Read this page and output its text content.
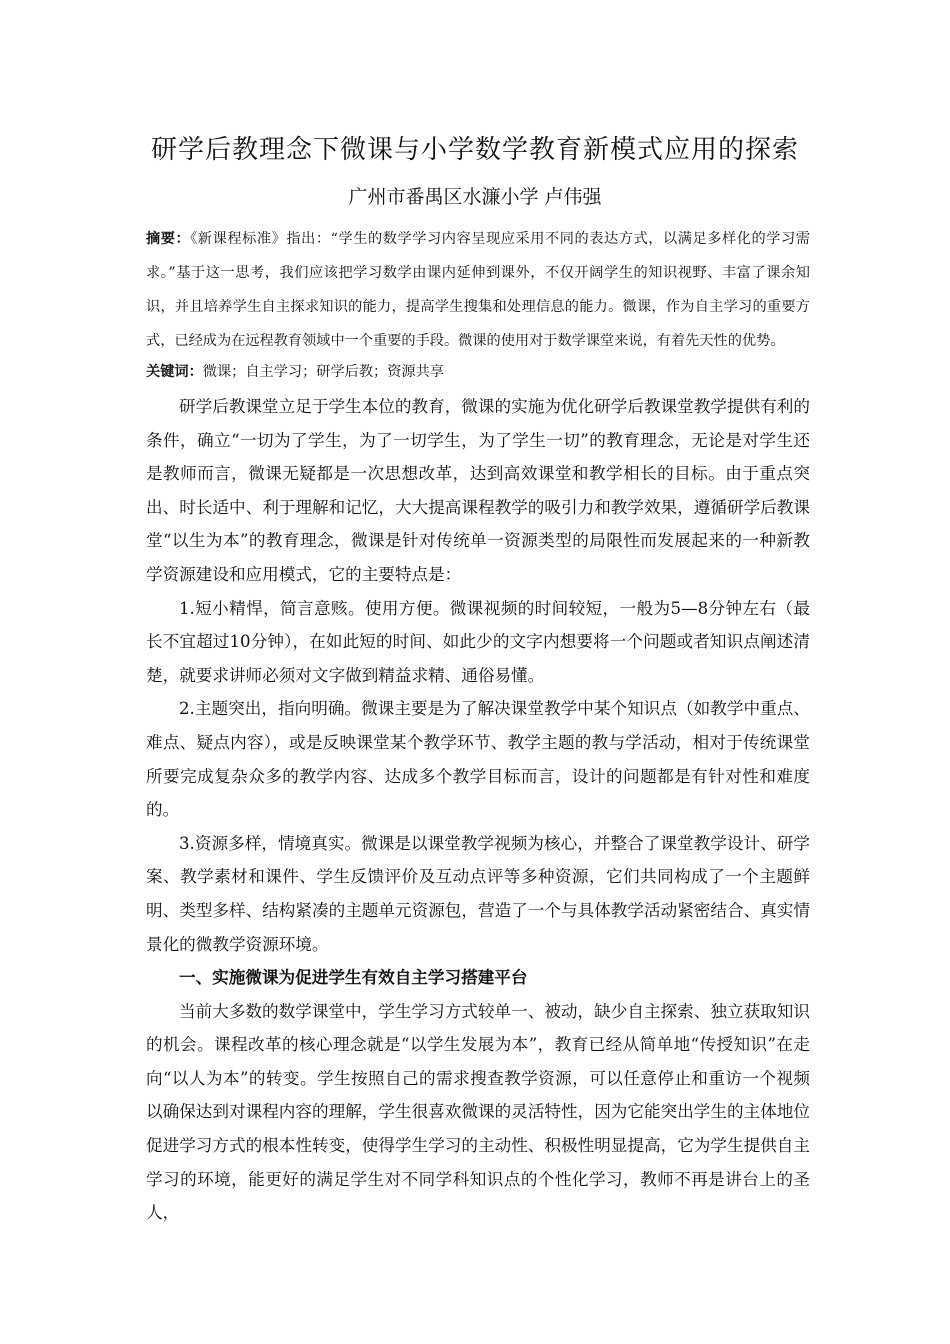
研学后教理念下微课与小学数学教育新模式应用的探索
广州市番禺区水濂小学 卢伟强
摘要：《新课程标准》指出：“学生的数学学习内容呈现应采用不同的表达方式，以满足多样化的学习需求。”基于这一思考，我们应该把学习数学由课内延伸到课外，不仅开阔学生的知识视野、丰富了课余知识，并且培养学生自主探求知识的能力，提高学生搜集和处理信息的能力。微课，作为自主学习的重要方式，已经成为在远程教育领域中一个重要的手段。微课的使用对于数学课堂来说，有着先天性的优势。
关键词：微课；自主学习；研学后教；资源共享

研学后教课堂立足于学生本位的教育，微课的实施为优化研学后教课堂教学提供有利的条件，确立“一切为了学生，为了一切学生，为了学生一切”的教育理念，无论是对学生还是教师而言，微课无疑都是一次思想改革，达到高效课堂和教学相长的目标。由于重点突出、时长适中、利于理解和记忆，大大提高课程教学的吸引力和教学效果，遵循研学后教课堂“以生为本”的教育理念，微课是针对传统单一资源类型的局限性而发展起来的一种新教学资源建设和应用模式，它的主要特点是：

1.短小精悍，简言意赅。使用方便。微课视频的时间较短，一般为5—8分钟左右（最长不宜超过10分钟），在如此短的时间、如此少的文字内想要将一个问题或者知识点阐述清楚，就要求讲师必须对文字做到精益求精、通俗易懂。

2.主题突出，指向明确。微课主要是为了解决课堂教学中某个知识点（如教学中重点、难点、疑点内容），或是反映课堂某个教学环节、教学主题的教与学活动，相对于传统课堂所要完成复杂众多的教学内容、达成多个教学目标而言，设计的问题都是有针对性和难度的。

3.资源多样，情境真实。微课是以课堂教学视频为核心，并整合了课堂教学设计、研学案、教学素材和课件、学生反馈评价及互动点评等多种资源，它们共同构成了一个主题鲜明、类型多样、结构紧凑的主题单元资源包，营造了一个与具体教学活动紧密结合、真实情景化的微教学资源环境。

一、实施微课为促进学生有效自主学习搭建平台

当前大多数的数学课堂中，学生学习方式较单一、被动，缺少自主探索、独立获取知识的机会。课程改革的核心理念就是“以学生发展为本”，教育已经从简单地“传授知识”在走向“以人为本”的转变。学生按照自己的需求搜查教学资源，可以任意停止和重访一个视频以确保达到对课程内容的理解，学生很喜欢微课的灵活特性，因为它能突出学生的主体地位促进学习方式的根本性转变，使得学生学习的主动性、积极性明显提高，它为学生提供自主学习的环境，能更好的满足学生对不同学科知识点的个性化学习，教师不再是讲台上的圣人，
